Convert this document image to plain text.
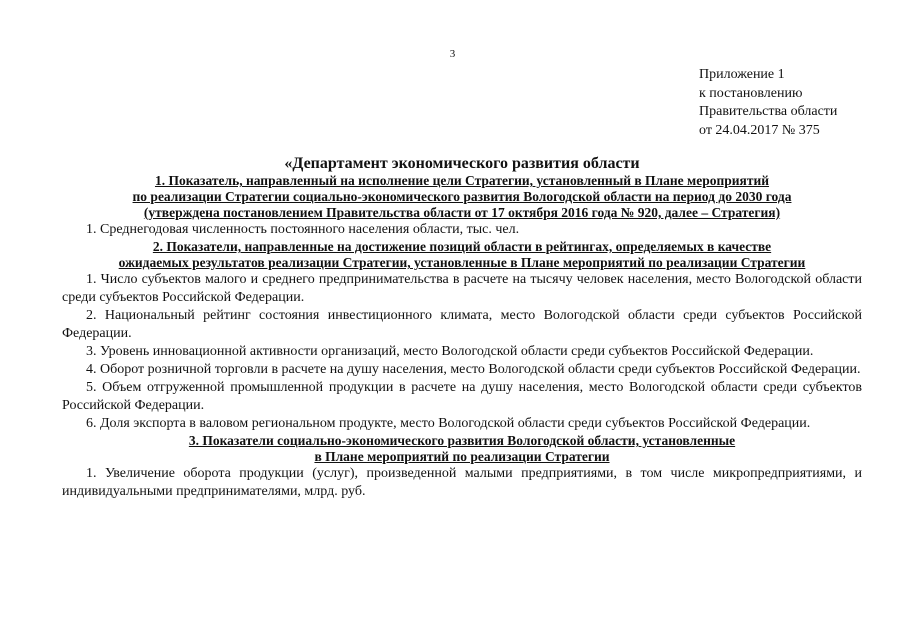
3
Приложение 1
к постановлению
Правительства области
от 24.04.2017 № 375
«Департамент экономического развития области
1. Показатель, направленный на исполнение цели Стратегии, установленный в Плане мероприятий
по реализации Стратегии социально-экономического развития Вологодской области на период до 2030 года
(утверждена постановлением Правительства области от 17 октября 2016 года № 920, далее – Стратегия)
1. Среднегодовая численность постоянного населения области, тыс. чел.
2. Показатели, направленные на достижение позиций области в рейтингах, определяемых в качестве
ожидаемых результатов реализации Стратегии, установленные в Плане мероприятий по реализации Стратегии
1. Число субъектов малого и среднего предпринимательства в расчете на тысячу человек населения, место Вологодской области среди субъектов Российской Федерации.
2. Национальный рейтинг состояния инвестиционного климата, место Вологодской области среди субъектов Российской Федерации.
3. Уровень инновационной активности организаций, место Вологодской области среди субъектов Российской Федерации.
4. Оборот розничной торговли в расчете на душу населения, место Вологодской области среди субъектов Российской Федерации.
5. Объем отгруженной промышленной продукции в расчете на душу населения, место Вологодской области среди субъектов Российской Федерации.
6. Доля экспорта в валовом региональном продукте, место Вологодской области среди субъектов Российской Федерации.
3. Показатели социально-экономического развития Вологодской области, установленные
в Плане мероприятий по реализации Стратегии
1. Увеличение оборота продукции (услуг), произведенной малыми предприятиями, в том числе микропредприятиями, и индивидуальными предпринимателями, млрд. руб.
